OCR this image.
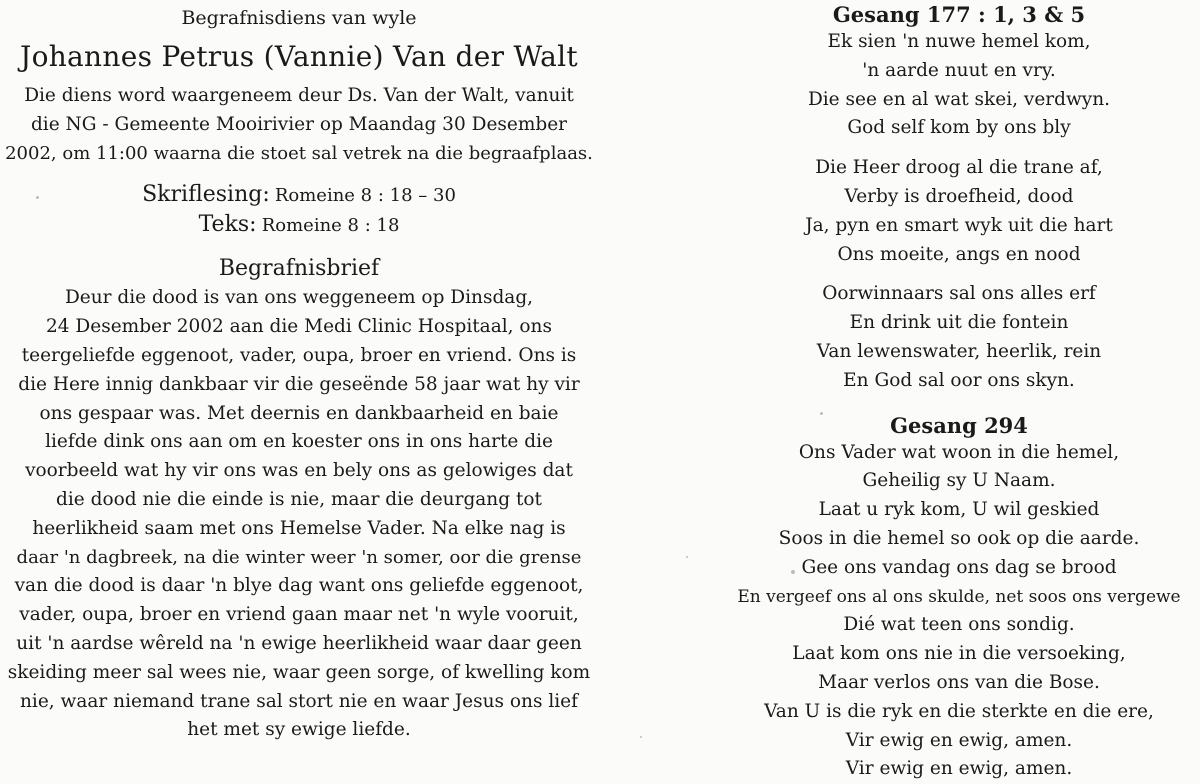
Begrafnisdiens van wyle
Johannes Petrus (Vannie) Van der Walt
Die diens word waargeneem deur Ds. Van der Walt, vanuit
die NG - Gemeente Mooirivier op Maandag 30 Desember
2002, om 11:00 waarna die stoet sal vetrek na die begraafplaas.
Skriflesing: Romeine 8 : 18 – 30
Teks: Romeine 8 : 18
Begrafnisbrief
Deur die dood is van ons weggeneem op Dinsdag,
24 Desember 2002 aan die Medi Clinic Hospitaal, ons
teergeliefde eggenoot, vader, oupa, broer en vriend. Ons is
die Here innig dankbaar vir die geseënde 58 jaar wat hy vir
ons gespaar was. Met deernis en dankbaarheid en baie
liefde dink ons aan om en koester ons in ons harte die
voorbeeld wat hy vir ons was en bely ons as gelowiges dat
die dood nie die einde is nie, maar die deurgang tot
heerlikheid saam met ons Hemelse Vader. Na elke nag is
daar 'n dagbreek, na die winter weer 'n somer, oor die grense
van die dood is daar 'n blye dag want ons geliefde eggenoot,
vader, oupa, broer en vriend gaan maar net 'n wyle vooruit,
uit 'n aardse wêreld na 'n ewige heerlikheid waar daar geen
skeiding meer sal wees nie, waar geen sorge, of kwelling kom
nie, waar niemand trane sal stort nie en waar Jesus ons lief
het met sy ewige liefde.
Gesang 177 : 1, 3 & 5
Ek sien 'n nuwe hemel kom,
'n aarde nuut en vry.
Die see en al wat skei, verdwyn.
God self kom by ons bly
Die Heer droog al die trane af,
Verby is droefheid, dood
Ja, pyn en smart wyk uit die hart
Ons moeite, angs en nood
Oorwinnaars sal ons alles erf
En drink uit die fontein
Van lewenswater, heerlik, rein
En God sal oor ons skyn.
Gesang 294
Ons Vader wat woon in die hemel,
Geheilig sy U Naam.
Laat u ryk kom, U wil geskied
Soos in die hemel so ook op die aarde.
Gee ons vandag ons dag se brood
En vergeef ons al ons skulde, net soos ons vergewe
Dié wat teen ons sondig.
Laat kom ons nie in die versoeking,
Maar verlos ons van die Bose.
Van U is die ryk en die sterkte en die ere,
Vir ewig en ewig, amen.
Vir ewig en ewig, amen.
